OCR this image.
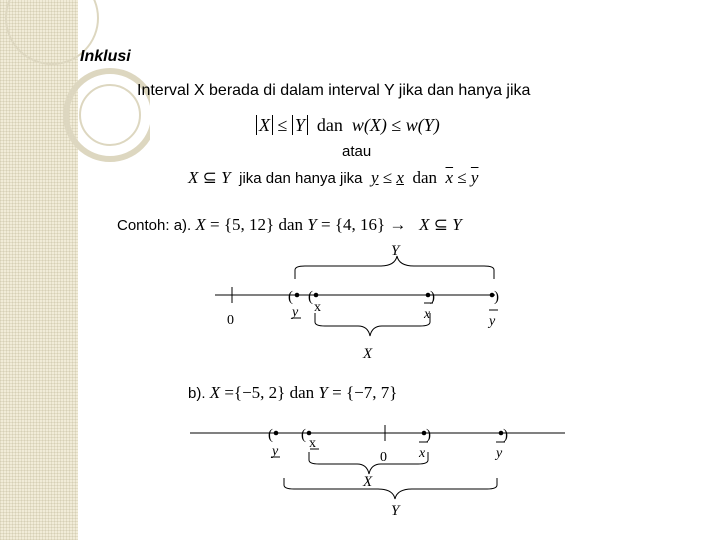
Inklusi
Interval X berada di dalam interval Y jika dan hanya jika
X ≤ Y dan w(X) ≤ w(Y)
atau
X ⊆ Y jika dan hanya jika y ≤ x dan $\overline{x} \le \overline{y}$
Contoh: a). X = {5, 12} dan Y = {4, 16} → X ⊆ Y
b). X ={−5, 2} dan Y = {−7, 7}
( (	)	)
Y
X
0
x
y	x	y
( (	)	)
x
y	0 x	y
X
Y
